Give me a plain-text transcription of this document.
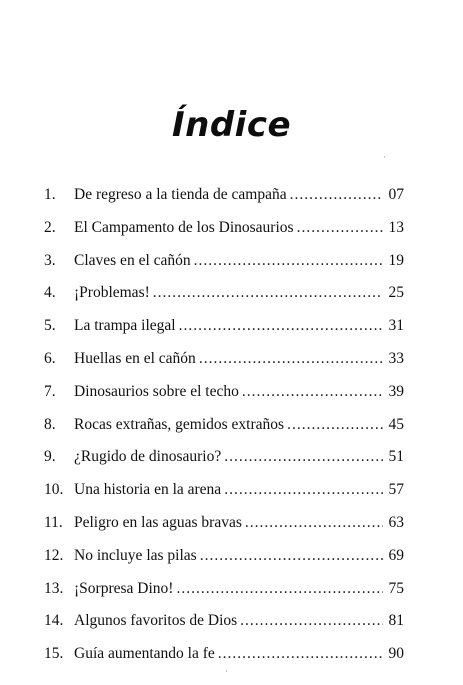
Índice
·
·
1.	De regreso a la tienda de campaña .....	07
2.	El Campamento de los Dinosaurios .....	13
3.	Claves en el cañón .....	19
4.	¡Problemas! .....	25
5.	La trampa ilegal .....	31
6.	Huellas en el cañón .....	33
7.	Dinosaurios sobre el techo .....	39
8.	Rocas extrañas, gemidos extraños .....	45
9.	¿Rugido de dinosaurio? .....	51
10. Una historia en la arena .....	57
11. Peligro en las aguas bravas .....	63
12. No incluye las pilas .....	69
13. ¡Sorpresa Dino! .....	75
14. Algunos favoritos de Dios .....	81
15. Guía aumentando la fe .....	90
